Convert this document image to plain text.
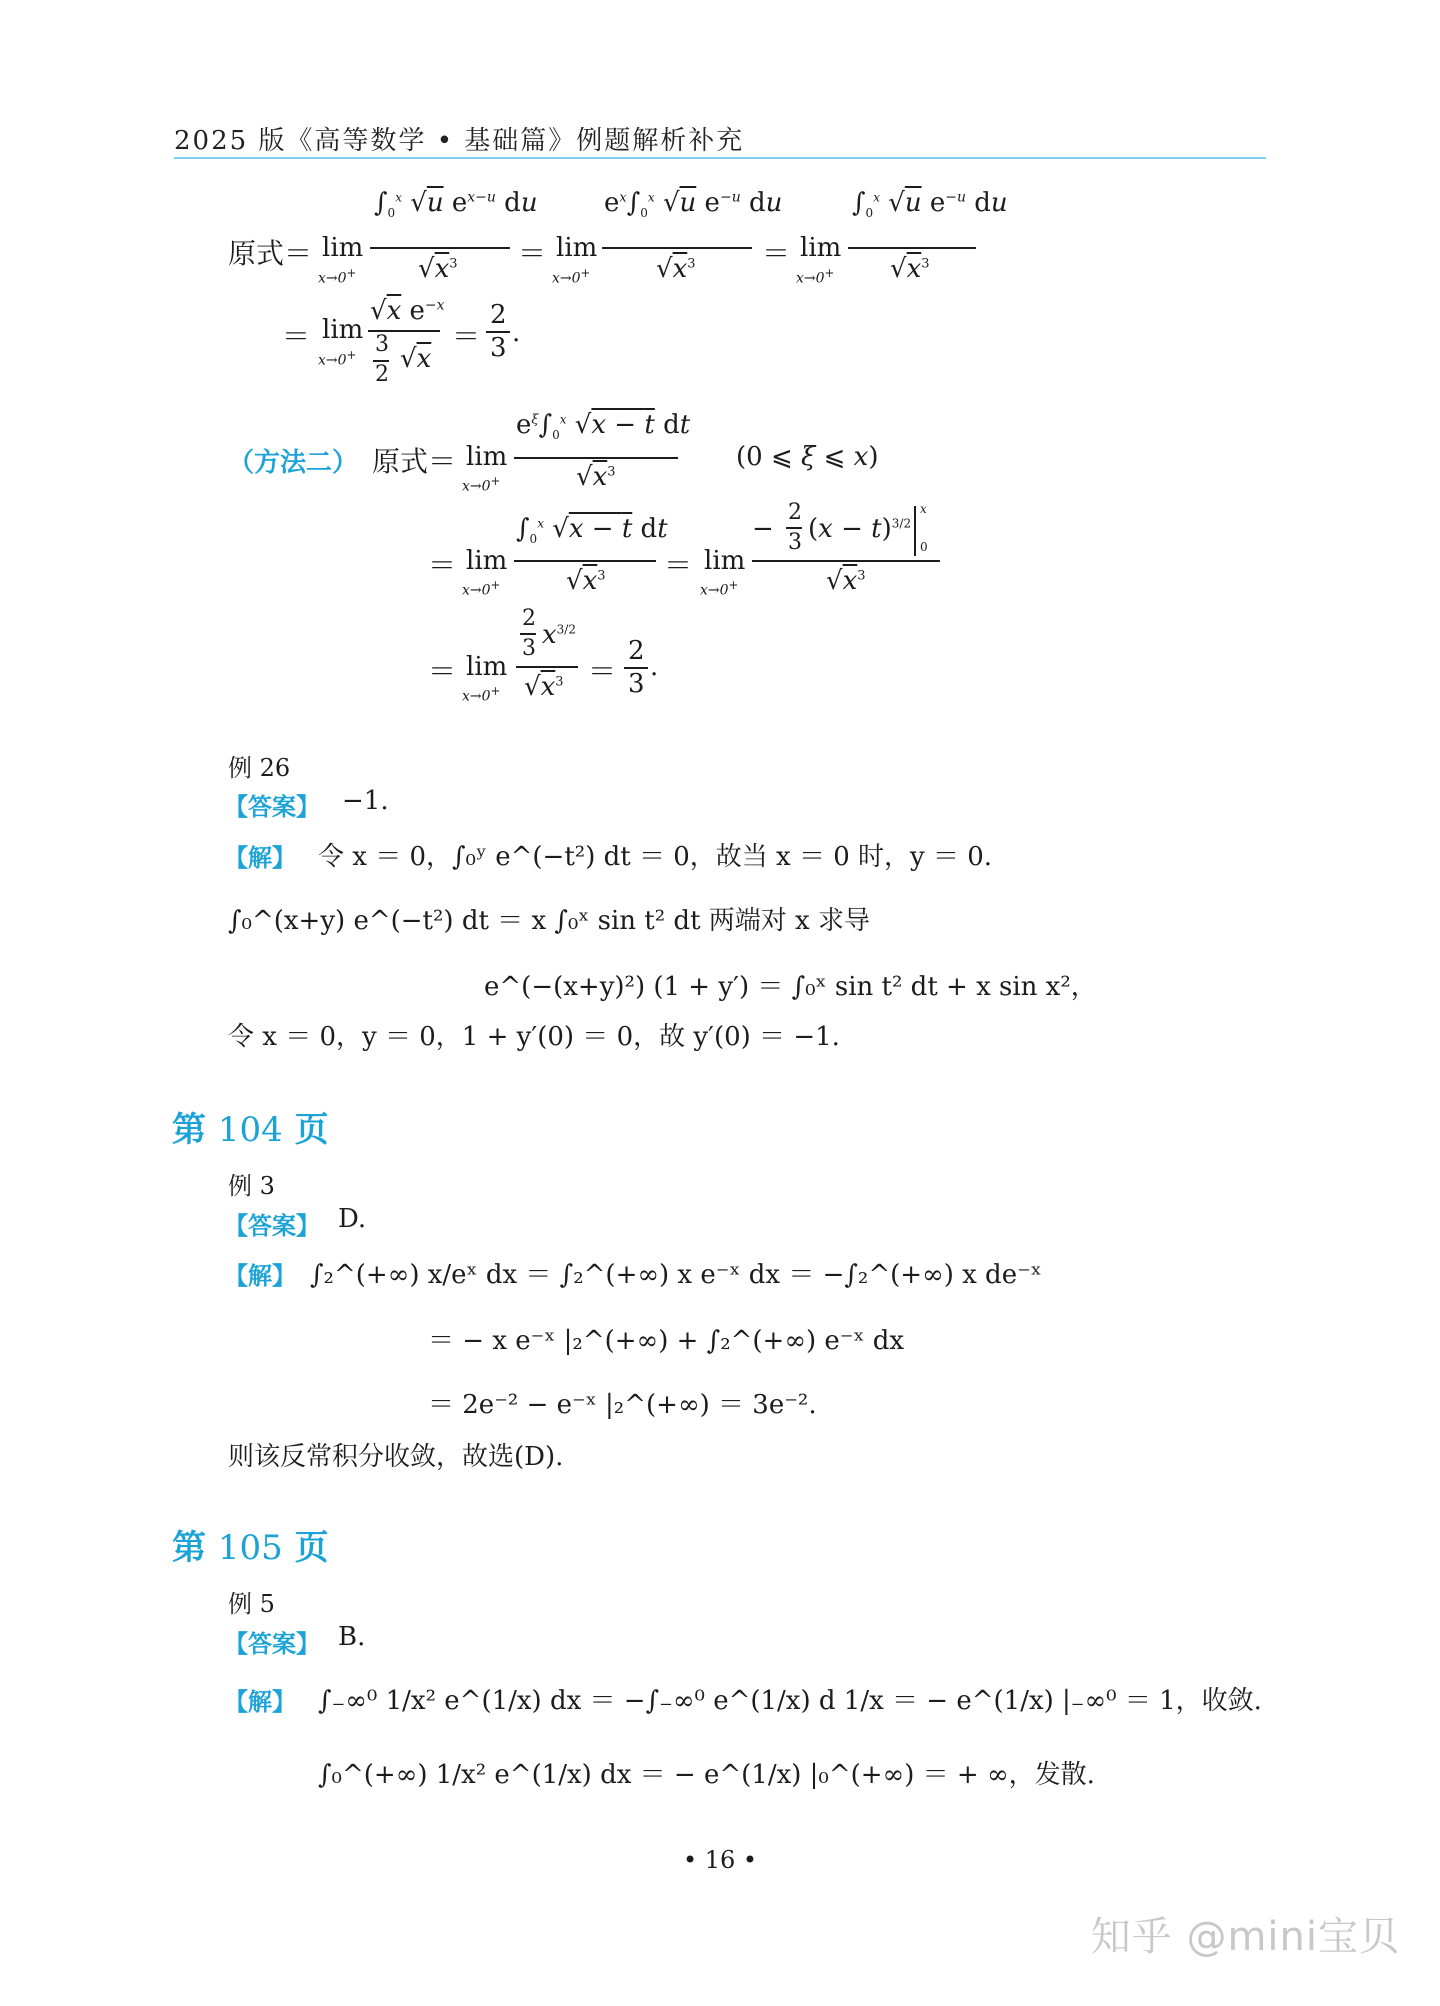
2025 版《高等数学 • 基础篇》例题解析补充
原式＝ lim
x→0+
$\int_0^x$ √u $e^{x-u}$ du
$√x^3 = \lim$
x→0+
$e^x\int_0^x$ √u $e^{-u}$ du
$√x^3 = \lim$
x→0+
$\int_0^x$ √u $e^{-u}$ du
$√x^3$
＝ lim
x→0+
√x $e^{-x}$
3
2
√x
＝
2
3 .
（方法二） 原式＝ lim
x→0+
$e^\xi\int_0^x$ √x − t dt
$√x^3$	(0 ⩽ ξ ⩽ x)
＝ lim
x→0+
$\int_0^x$ √x − t dt
$√x^3 = \lim$
x→0+
−
2
3 $(x - t)^{3/2}$
x
0
$√x^3$
＝ lim
x→0+
2
3 $x^{3/2}$
$√x^3$ ＝
2
3
.
例 26
【答案】 −1.
【解】 令 x ＝ 0，∫₀ʸ e^(−t²) dt ＝ 0，故当 x ＝ 0 时，y ＝ 0.
∫₀^(x+y) e^(−t²) dt ＝ x ∫₀ˣ sin t² dt 两端对 x 求导
e^(−(x+y)²) (1 + y′) ＝ ∫₀ˣ sin t² dt + x sin x²，
令 x ＝ 0，y ＝ 0，1 + y′(0) ＝ 0，故 y′(0) ＝ −1.
第 104 页
例 3
【答案】 D.
【解】 ∫₂^(+∞) x/eˣ dx ＝ ∫₂^(+∞) x e⁻ˣ dx ＝ −∫₂^(+∞) x de⁻ˣ
＝ − x e⁻ˣ |₂^(+∞) + ∫₂^(+∞) e⁻ˣ dx
＝ 2e⁻² − e⁻ˣ |₂^(+∞) ＝ 3e⁻².
则该反常积分收敛，故选(D).
第 105 页
例 5
【答案】 B.
【解】 ∫₋∞⁰ 1/x² e^(1/x) dx ＝ −∫₋∞⁰ e^(1/x) d 1/x ＝ − e^(1/x) |₋∞⁰ ＝ 1，收敛.
∫₀^(+∞) 1/x² e^(1/x) dx ＝ − e^(1/x) |₀^(+∞) ＝ + ∞，发散.
• 16 •
知乎 @mini宝贝
